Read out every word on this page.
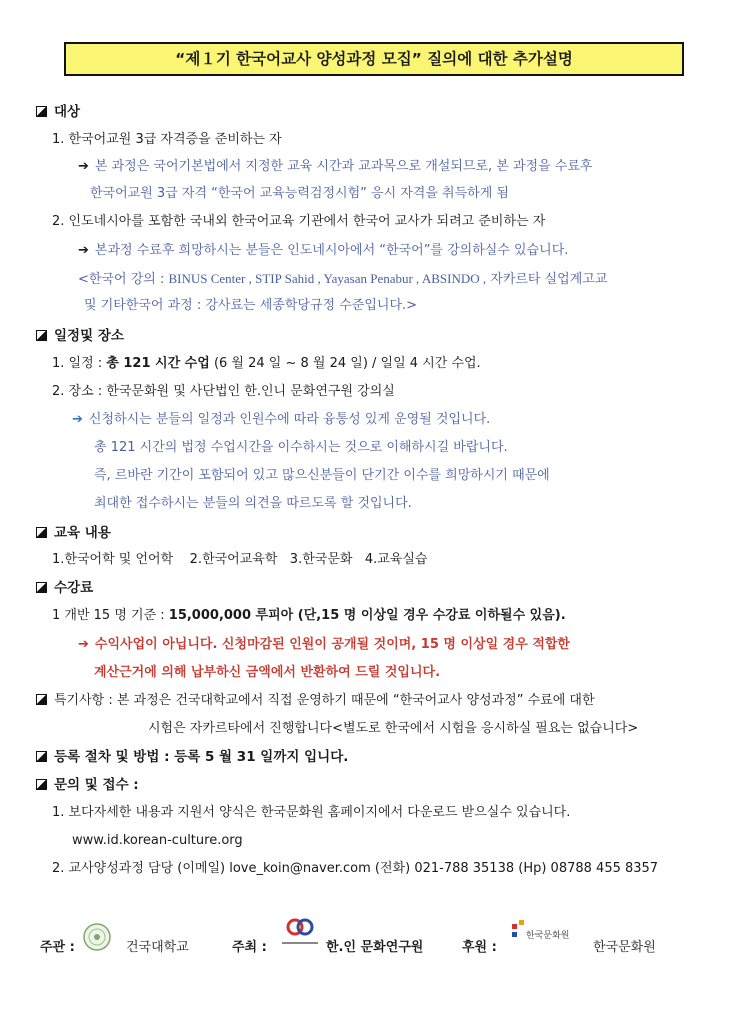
“제１기 한국어교사 양성과정 모집” 질의에 대한 추가설명
대상
1. 한국어교원 3급 자격증을 준비하는 자
➔ 본 과정은 국어기본법에서 지정한 교육 시간과 교과목으로 개설되므로, 본 과정을 수료후
한국어교원 3급 자격 “한국어 교육능력검정시험” 응시 자격을 취득하게 됨
2. 인도네시아를 포함한 국내외 한국어교육 기관에서 한국어 교사가 되려고 준비하는 자
➔ 본과정 수료후 희망하시는 분들은 인도네시아에서 “한국어”를 강의하실수 있습니다.
<한국어 강의 : BINUS Center , STIP Sahid , Yayasan Penabur , ABSINDO , 자카르타 실업계고교
및 기타한국어 과정 : 강사료는 세종학당규정 수준입니다.>
일정및 장소
1. 일정 : 총 121 시간 수업 (6 월 24 일 ~ 8 월 24 일) / 일일 4 시간 수업.
2. 장소 : 한국문화원 및 사단법인 한.인니 문화연구원 강의실
➔ 신청하시는 분들의 일정과 인원수에 따라 융통성 있게 운영될 것입니다.
총 121 시간의 법정 수업시간을 이수하시는 것으로 이해하시길 바랍니다.
즉, 르바란 기간이 포함되어 있고 많으신분들이 단기간 이수를 희망하시기 때문에
최대한 접수하시는 분들의 의견을 따르도록 할 것입니다.
교육 내용
1.한국어학 및 언어학    2.한국어교육학   3.한국문화   4.교육실습
수강료
1 개반 15 명 기준 : 15,000,000 루피아 (단,15 명 이상일 경우 수강료 이하될수 있음).
➔ 수익사업이 아닙니다. 신청마감된 인원이 공개될 것이며, 15 명 이상일 경우 적합한
계산근거에 의해 납부하신 금액에서 반환하여 드릴 것입니다.
특기사항 : 본 과정은 건국대학교에서 직접 운영하기 때문에 “한국어교사 양성과정” 수료에 대한
시험은 자카르타에서 진행합니다<별도로 한국에서 시험을 응시하실 필요는 없습니다>
등록 절차 및 방법 : 등록 5 월 31 일까지 입니다.
문의 및 접수 :
1. 보다자세한 내용과 지원서 양식은 한국문화원 홈페이지에서 다운로드 받으실수 있습니다.
www.id.korean-culture.org
2. 교사양성과정 담당 (이메일) love_koin@naver.com (전화) 021-788 35138 (Hp) 08788 455 8357
주관 :	건국대학교	주최 :	한.인 문화연구원	후원 :
한국문화원
한국문화원
